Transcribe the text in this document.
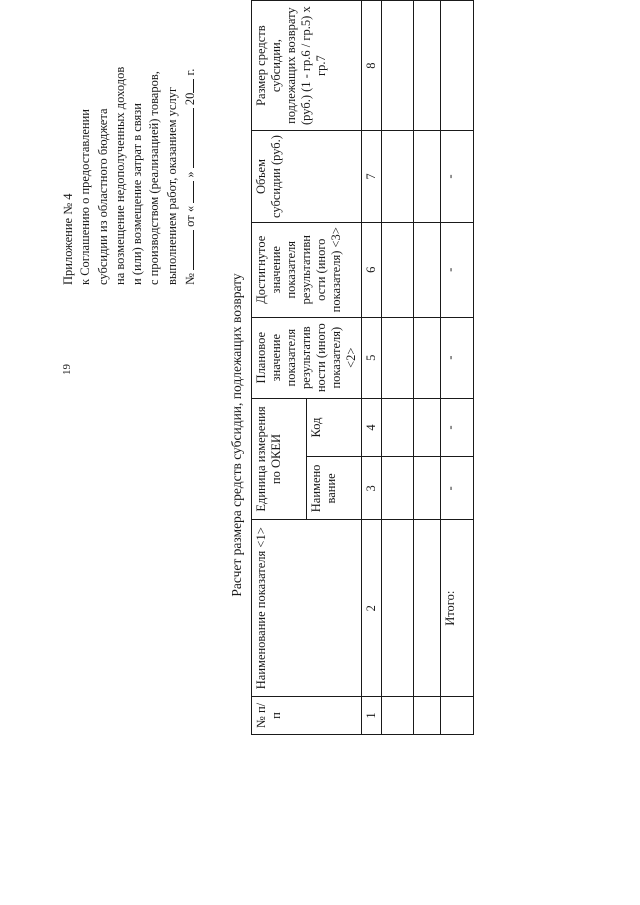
19
Приложение № 4 к Соглашению о предоставлении субсидии из областного бюджета на возмещение недополученных доходов и (или) возмещение затрат в связи с производством (реализацией) товаров, выполнением работ, оказанием услуг №  от «  »  20 г.
Расчет размера средств субсидии, подлежащих возврату
№ п/п	Наименование показателя <1>	Единица измерения по ОКЕИ		Плановое значение показателя результатив ности (иного показателя) <2>	Достигнутое значение показателя результативн ости (иного показателя) <3>	Объем субсидии (руб.)	Размер средств субсидии, подлежащих возврату (руб.) (1 - гр.6 / гр.5) x гр.7
		Наимено вание	Код				
1	2	3	4	5	6	7	8

	Итого:	-	-	-	-	-	
